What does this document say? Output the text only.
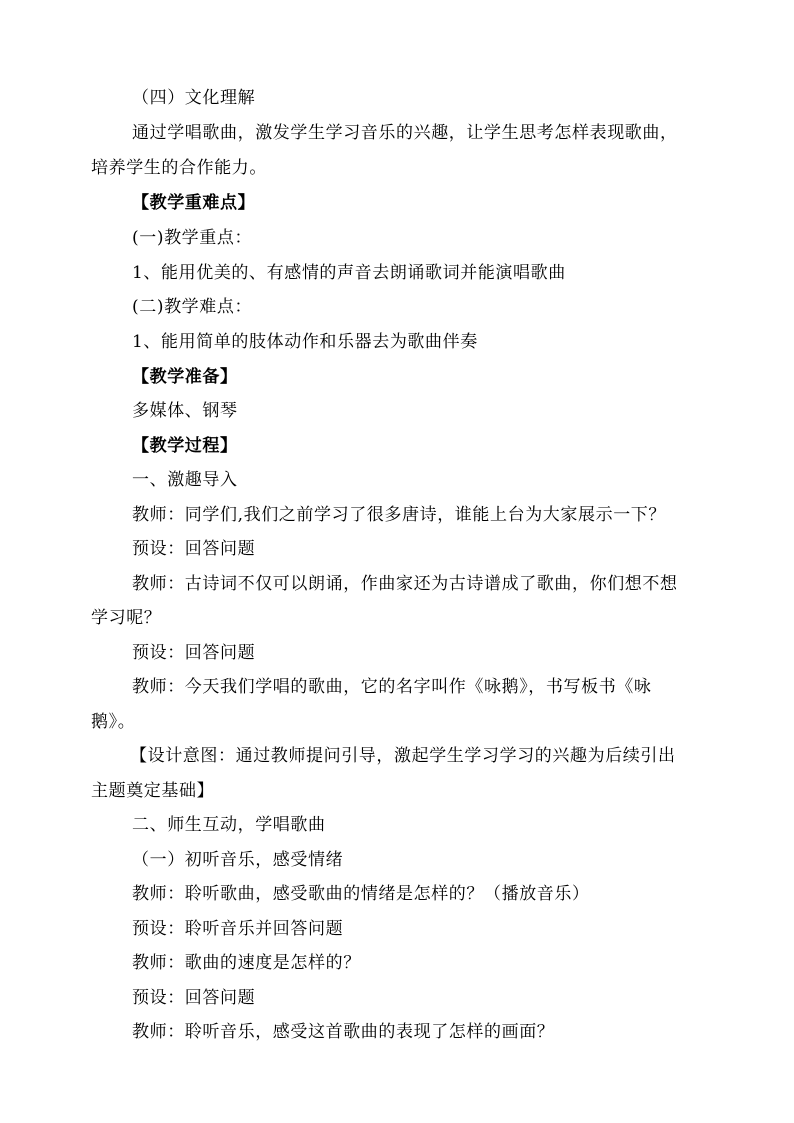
（四）文化理解
通过学唱歌曲，激发学生学习音乐的兴趣，让学生思考怎样表现歌曲，
培养学生的合作能力。
【教学重难点】
(一)教学重点：
1、能用优美的、有感情的声音去朗诵歌词并能演唱歌曲
(二)教学难点：
1、能用简单的肢体动作和乐器去为歌曲伴奏
【教学准备】
多媒体、钢琴
【教学过程】
一、激趣导入
教师：同学们,我们之前学习了很多唐诗，谁能上台为大家展示一下？
预设：回答问题
教师：古诗词不仅可以朗诵，作曲家还为古诗谱成了歌曲，你们想不想
学习呢？
预设：回答问题
教师：今天我们学唱的歌曲，它的名字叫作《咏鹅》，书写板书《咏
鹅》。
【设计意图：通过教师提问引导，激起学生学习学习的兴趣为后续引出
主题奠定基础】
二、师生互动，学唱歌曲
（一）初听音乐，感受情绪
教师：聆听歌曲，感受歌曲的情绪是怎样的？（播放音乐）
预设：聆听音乐并回答问题
教师：歌曲的速度是怎样的？
预设：回答问题
教师：聆听音乐，感受这首歌曲的表现了怎样的画面？
